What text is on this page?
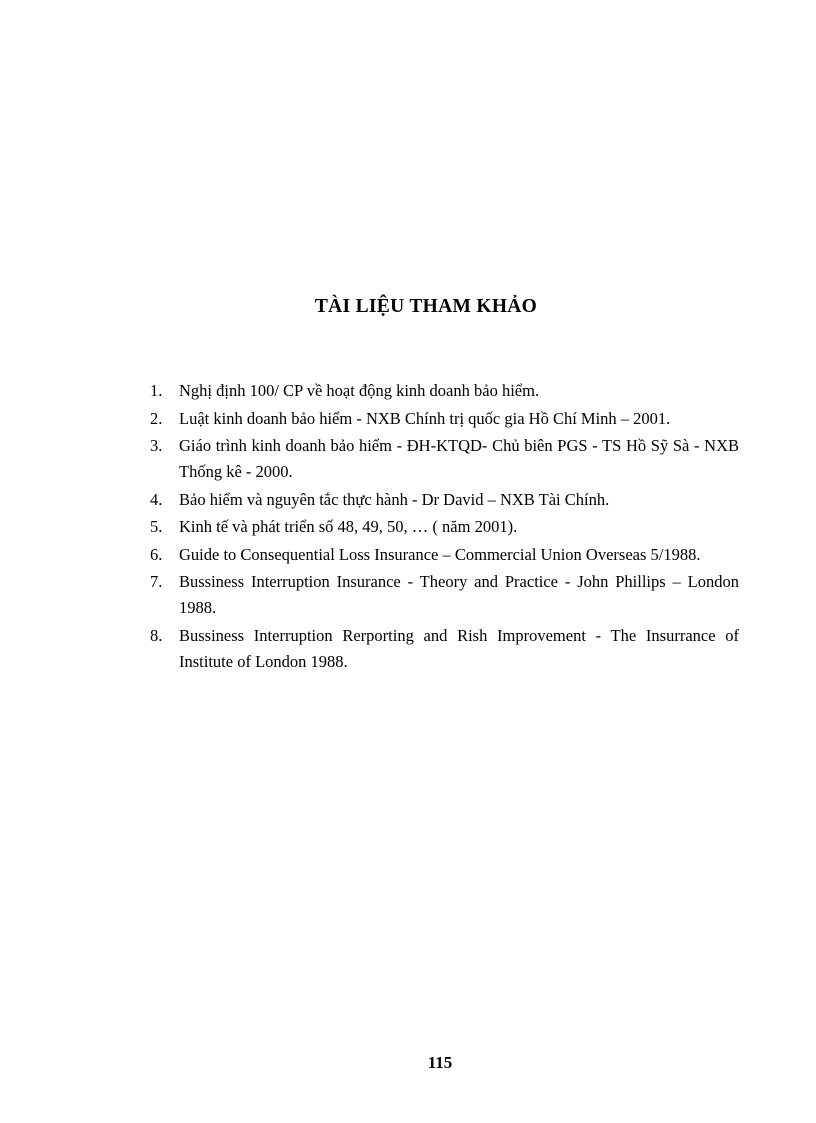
TÀI LIỆU THAM KHẢO
1. Nghị định 100/ CP về hoạt động kinh doanh bảo hiểm.
2. Luật kinh doanh bảo hiểm - NXB Chính trị quốc gia Hồ Chí Minh – 2001.
3. Giáo trình kinh doanh bảo hiểm - ĐH-KTQD- Chủ biên PGS - TS Hồ Sỹ Sà - NXB Thống kê - 2000.
4. Bảo hiểm và nguyên tắc thực hành - Dr David – NXB Tài Chính.
5. Kinh tế và phát triển số 48, 49, 50, … ( năm 2001).
6. Guide to Consequential Loss Insurance – Commercial Union Overseas 5/1988.
7. Bussiness Interruption Insurance - Theory and Practice - John Phillips – London 1988.
8. Bussiness Interruption Rerporting and Rish Improvement - The Insurrance of Institute of London 1988.

115
